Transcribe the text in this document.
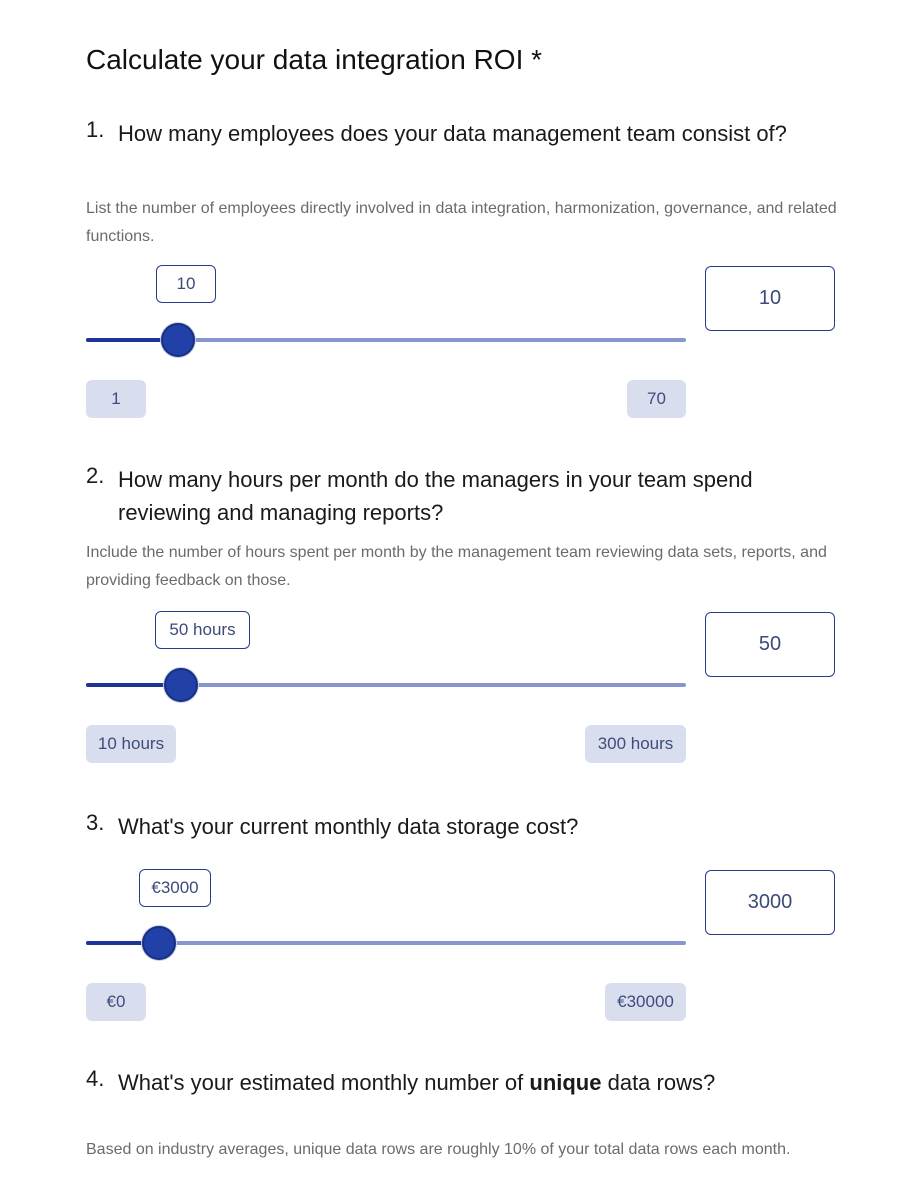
Calculate your data integration ROI *
1. How many employees does your data management team consist of?

List the number of employees directly involved in data integration, harmonization, governance, and related functions.

10
1	70
10
2. How many hours per month do the managers in your team spend reviewing and managing reports?

Include the number of hours spent per month by the management team reviewing data sets, reports, and providing feedback on those.

50 hours
10 hours	300 hours
50
3. What's your current monthly data storage cost?
€3000
€0	€30000
3000
4. What's your estimated monthly number of unique data rows?

Based on industry averages, unique data rows are roughly 10% of your total data rows each month.
